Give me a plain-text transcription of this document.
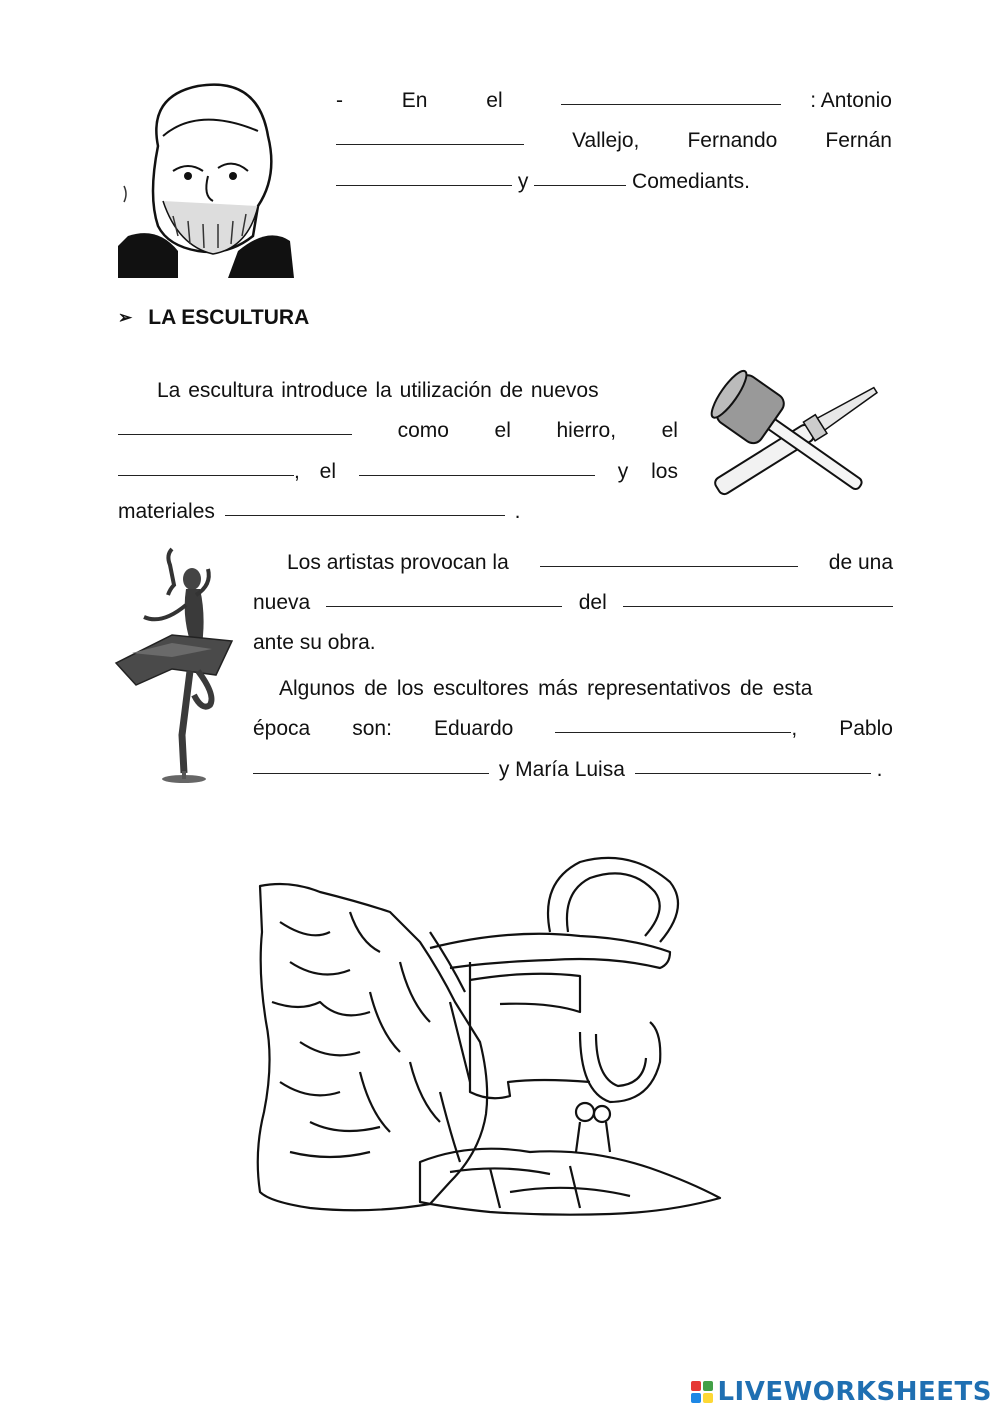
-	En	el	: Antonio
Vallejo, Fernando Fernán
y	Comediants.
➢ LA ESCULTURA
La escultura introduce la utilización de nuevos
como el hierro, el
, el	y los
materiales	.
Los artistas provocan la	de una
nueva	del
ante su obra.
Algunos de los escultores más representativos de esta
época son: Eduardo	, Pablo
y María Luisa	.
LIVEWORKSHEETS
